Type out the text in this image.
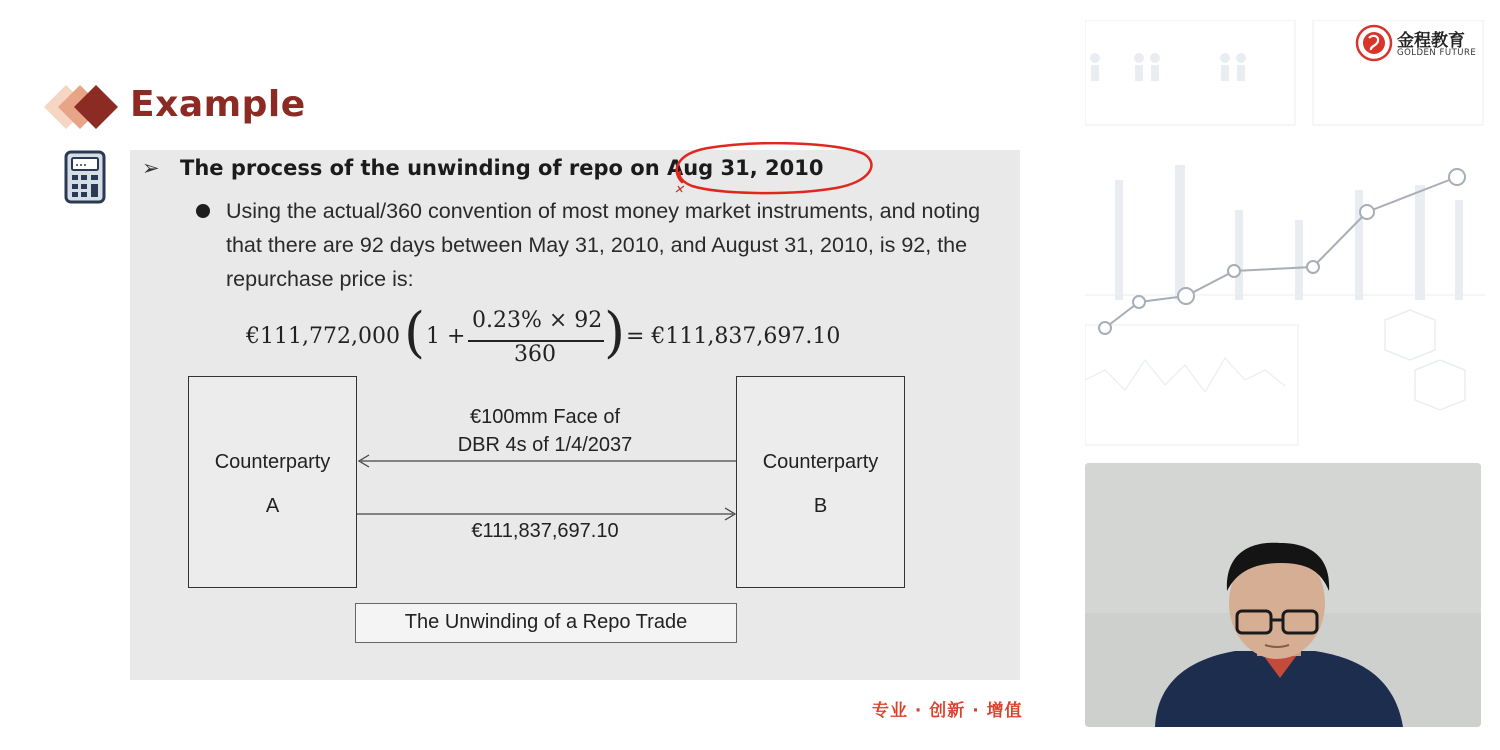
Example
➢ The process of the unwinding of repo on Aug 31, 2010
Using the actual/360 convention of most money market instruments, and noting that there are 92 days between May 31, 2010, and August 31, 2010, is 92, the repurchase price is:
€111,772,000 ( 1 +
0.23% × 92
360 ) = €111,837,697.10
Counterparty
A
Counterparty
B
€100mm Face of
DBR 4s of 1/4/2037
€111,837,697.10
The Unwinding of a Repo Trade
专业 · 创新 · 增值
金程教育
GOLDEN FUTURE
